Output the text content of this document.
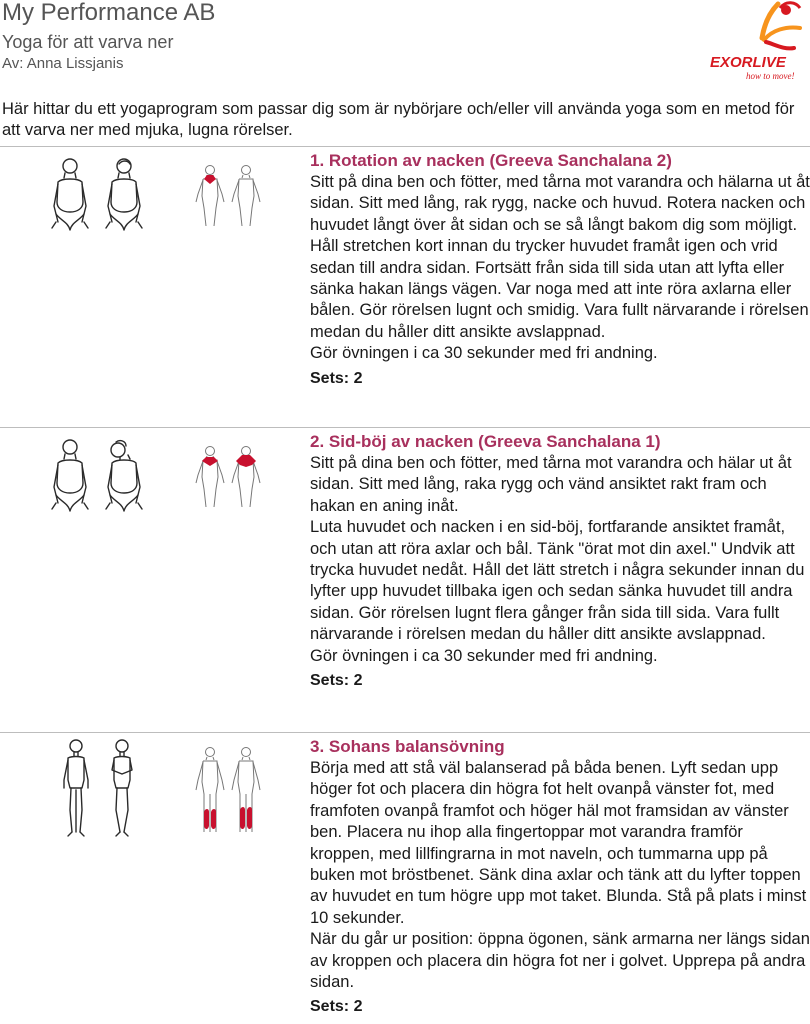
My Performance AB
Yoga för att varva ner
Av: Anna Lissjanis	EXORLIVE
how to move!

Här hittar du ett yogaprogram som passar dig som är nybörjare och/eller vill använda yoga som en metod för att varva ner med mjuka, lugna rörelser.

1. Rotation av nacken (Greeva Sanchalana 2)

Sitt på dina ben och fötter, med tårna mot varandra och hälarna ut åt sidan. Sitt med lång, rak rygg, nacke och huvud. Rotera nacken och huvudet långt över åt sidan och se så långt bakom dig som möjligt. Håll stretchen kort innan du trycker huvudet framåt igen och vrid sedan till andra sidan. Fortsätt från sida till sida utan att lyfta eller sänka hakan längs vägen. Var noga med att inte röra axlarna eller bålen. Gör rörelsen lugnt och smidig. Vara fullt närvarande i rörelsen medan du håller ditt ansikte avslappnad.

Gör övningen i ca 30 sekunder med fri andning.

Sets: 2
2. Sid-böj av nacken (Greeva Sanchalana 1)

Sitt på dina ben och fötter, med tårna mot varandra och hälar ut åt sidan. Sitt med lång, raka rygg och vänd ansiktet rakt fram och hakan en aning inåt.

Luta huvudet och nacken i en sid-böj, fortfarande ansiktet framåt, och utan att röra axlar och bål. Tänk "örat mot din axel." Undvik att trycka huvudet nedåt. Håll det lätt stretch i några sekunder innan du lyfter upp huvudet tillbaka igen och sedan sänka huvudet till andra sidan. Gör rörelsen lugnt flera gånger från sida till sida. Vara fullt närvarande i rörelsen medan du håller ditt ansikte avslappnad.

Gör övningen i ca 30 sekunder med fri andning.

Sets: 2
3. Sohans balansövning

Börja med att stå väl balanserad på båda benen. Lyft sedan upp höger fot och placera din högra fot helt ovanpå vänster fot, med framfoten ovanpå framfot och höger häl mot framsidan av vänster ben. Placera nu ihop alla fingertoppar mot varandra framför kroppen, med lillfingrarna in mot naveln, och tummarna upp på buken mot bröstbenet. Sänk dina axlar och tänk att du lyfter toppen av huvudet en tum högre upp mot taket. Blunda. Stå på plats i minst 10 sekunder.

När du går ur position: öppna ögonen, sänk armarna ner längs sidan av kroppen och placera din högra fot ner i golvet. Upprepa på andra sidan.

Sets: 2
